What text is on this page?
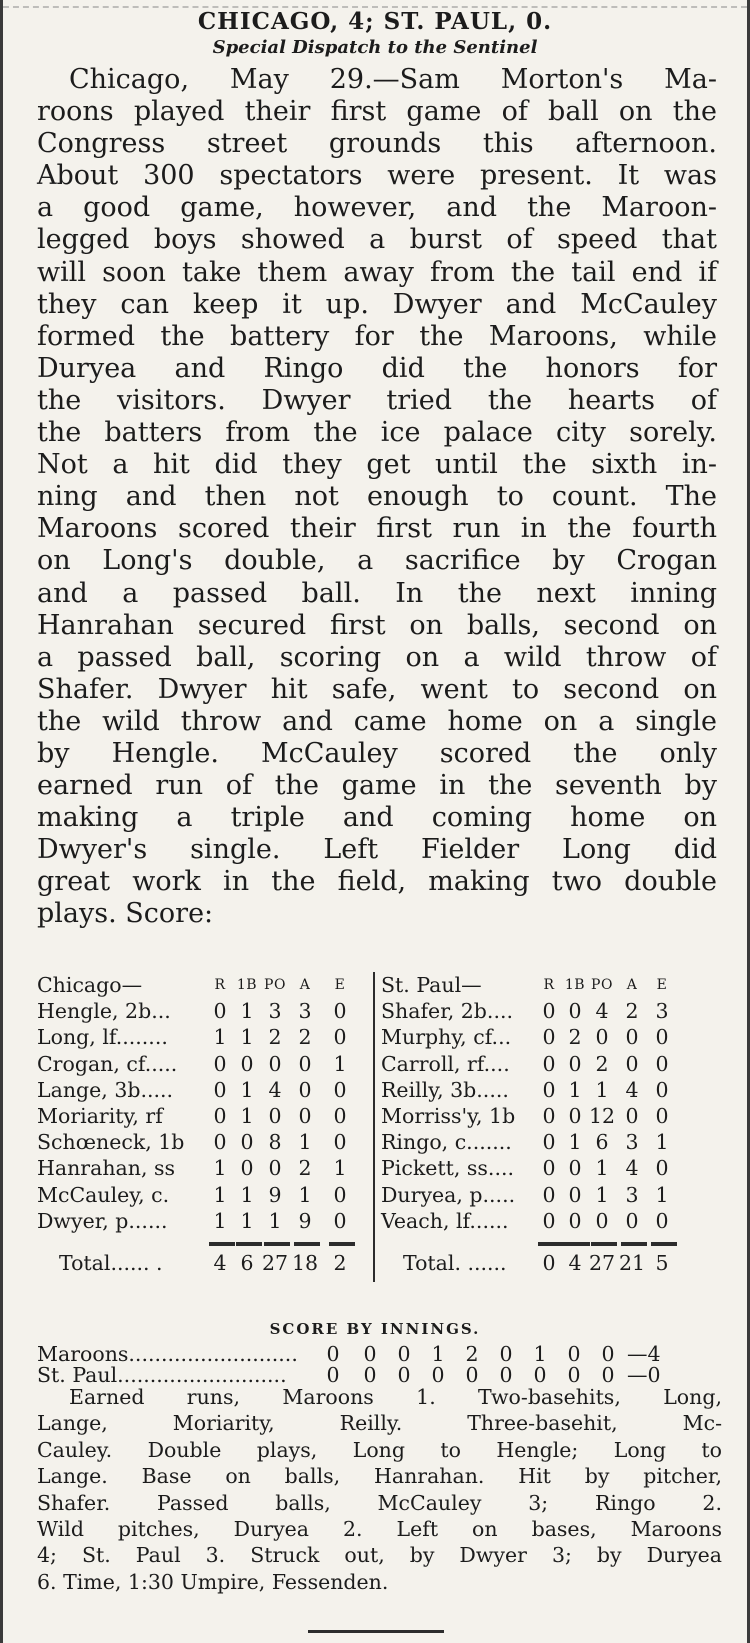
CHICAGO, 4; ST. PAUL, 0.
Special Dispatch to the Sentinel
Chicago, May 29.—Sam Morton's Ma-
roons played their first game of ball on the
Congress street grounds this afternoon.
About 300 spectators were present. It was
a good game, however, and the Maroon-
legged boys showed a burst of speed that
will soon take them away from the tail end if
they can keep it up. Dwyer and McCauley
formed the battery for the Maroons, while
Duryea and Ringo did the honors for
the visitors. Dwyer tried the hearts of
the batters from the ice palace city sorely.
Not a hit did they get until the sixth in-
ning and then not enough to count. The
Maroons scored their first run in the fourth
on Long's double, a sacrifice by Crogan
and a passed ball. In the next inning
Hanrahan secured first on balls, second on
a passed ball, scoring on a wild throw of
Shafer. Dwyer hit safe, went to second on
the wild throw and came home on a single
by Hengle. McCauley scored the only
earned run of the game in the seventh by
making a triple and coming home on
Dwyer's single. Left Fielder Long did
great work in the field, making two double
plays. Score:
Chicago—	R 1B PO A	E
Hengle, 2b...	0 1 3 3	0
Long, lf........	1 1 2 2	0
Crogan, cf.....	0 0 0 0	1
Lange, 3b.....	0 1 4 0	0
Moriarity, rf	0 1 0 0	0
Schœneck, 1b	0 0 8 1	0
Hanrahan, ss	1 0 0 2	1
McCauley, c.	1 1 9 1	0
Dwyer, p......	1 1 1 9	0
Total...... .	4 6 27 18 2
St. Paul—	R 1B PO A	E
Shafer, 2b....	0 0 4 2 3
Murphy, cf...	0 2 0 0 0
Carroll, rf....	0 0 2 0 0
Reilly, 3b.....	0 1 1 4 0
Morriss'y, 1b	0 0 12 0 0
Ringo, c.......	0 1 6 3 1
Pickett, ss....	0 0 1 4 0
Duryea, p.....	0 0 1 3 1
Veach, lf......	0 0 0 0 0
Total. ......	0 4 27 21 5
SCORE BY INNINGS.
Maroons.......................... 0 0 0 1 2 0 1 0 0 —4
St. Paul.......................... 0 0 0 0 0 0 0 0 0 —0
Earned runs, Maroons 1. Two-basehits, Long,
Lange, Moriarity, Reilly. Three-basehit, Mc-
Cauley. Double plays, Long to Hengle; Long to
Lange. Base on balls, Hanrahan. Hit by pitcher,
Shafer. Passed balls, McCauley 3; Ringo 2.
Wild pitches, Duryea 2. Left on bases, Maroons
4; St. Paul 3. Struck out, by Dwyer 3; by Duryea
6. Time, 1:30 Umpire, Fessenden.
